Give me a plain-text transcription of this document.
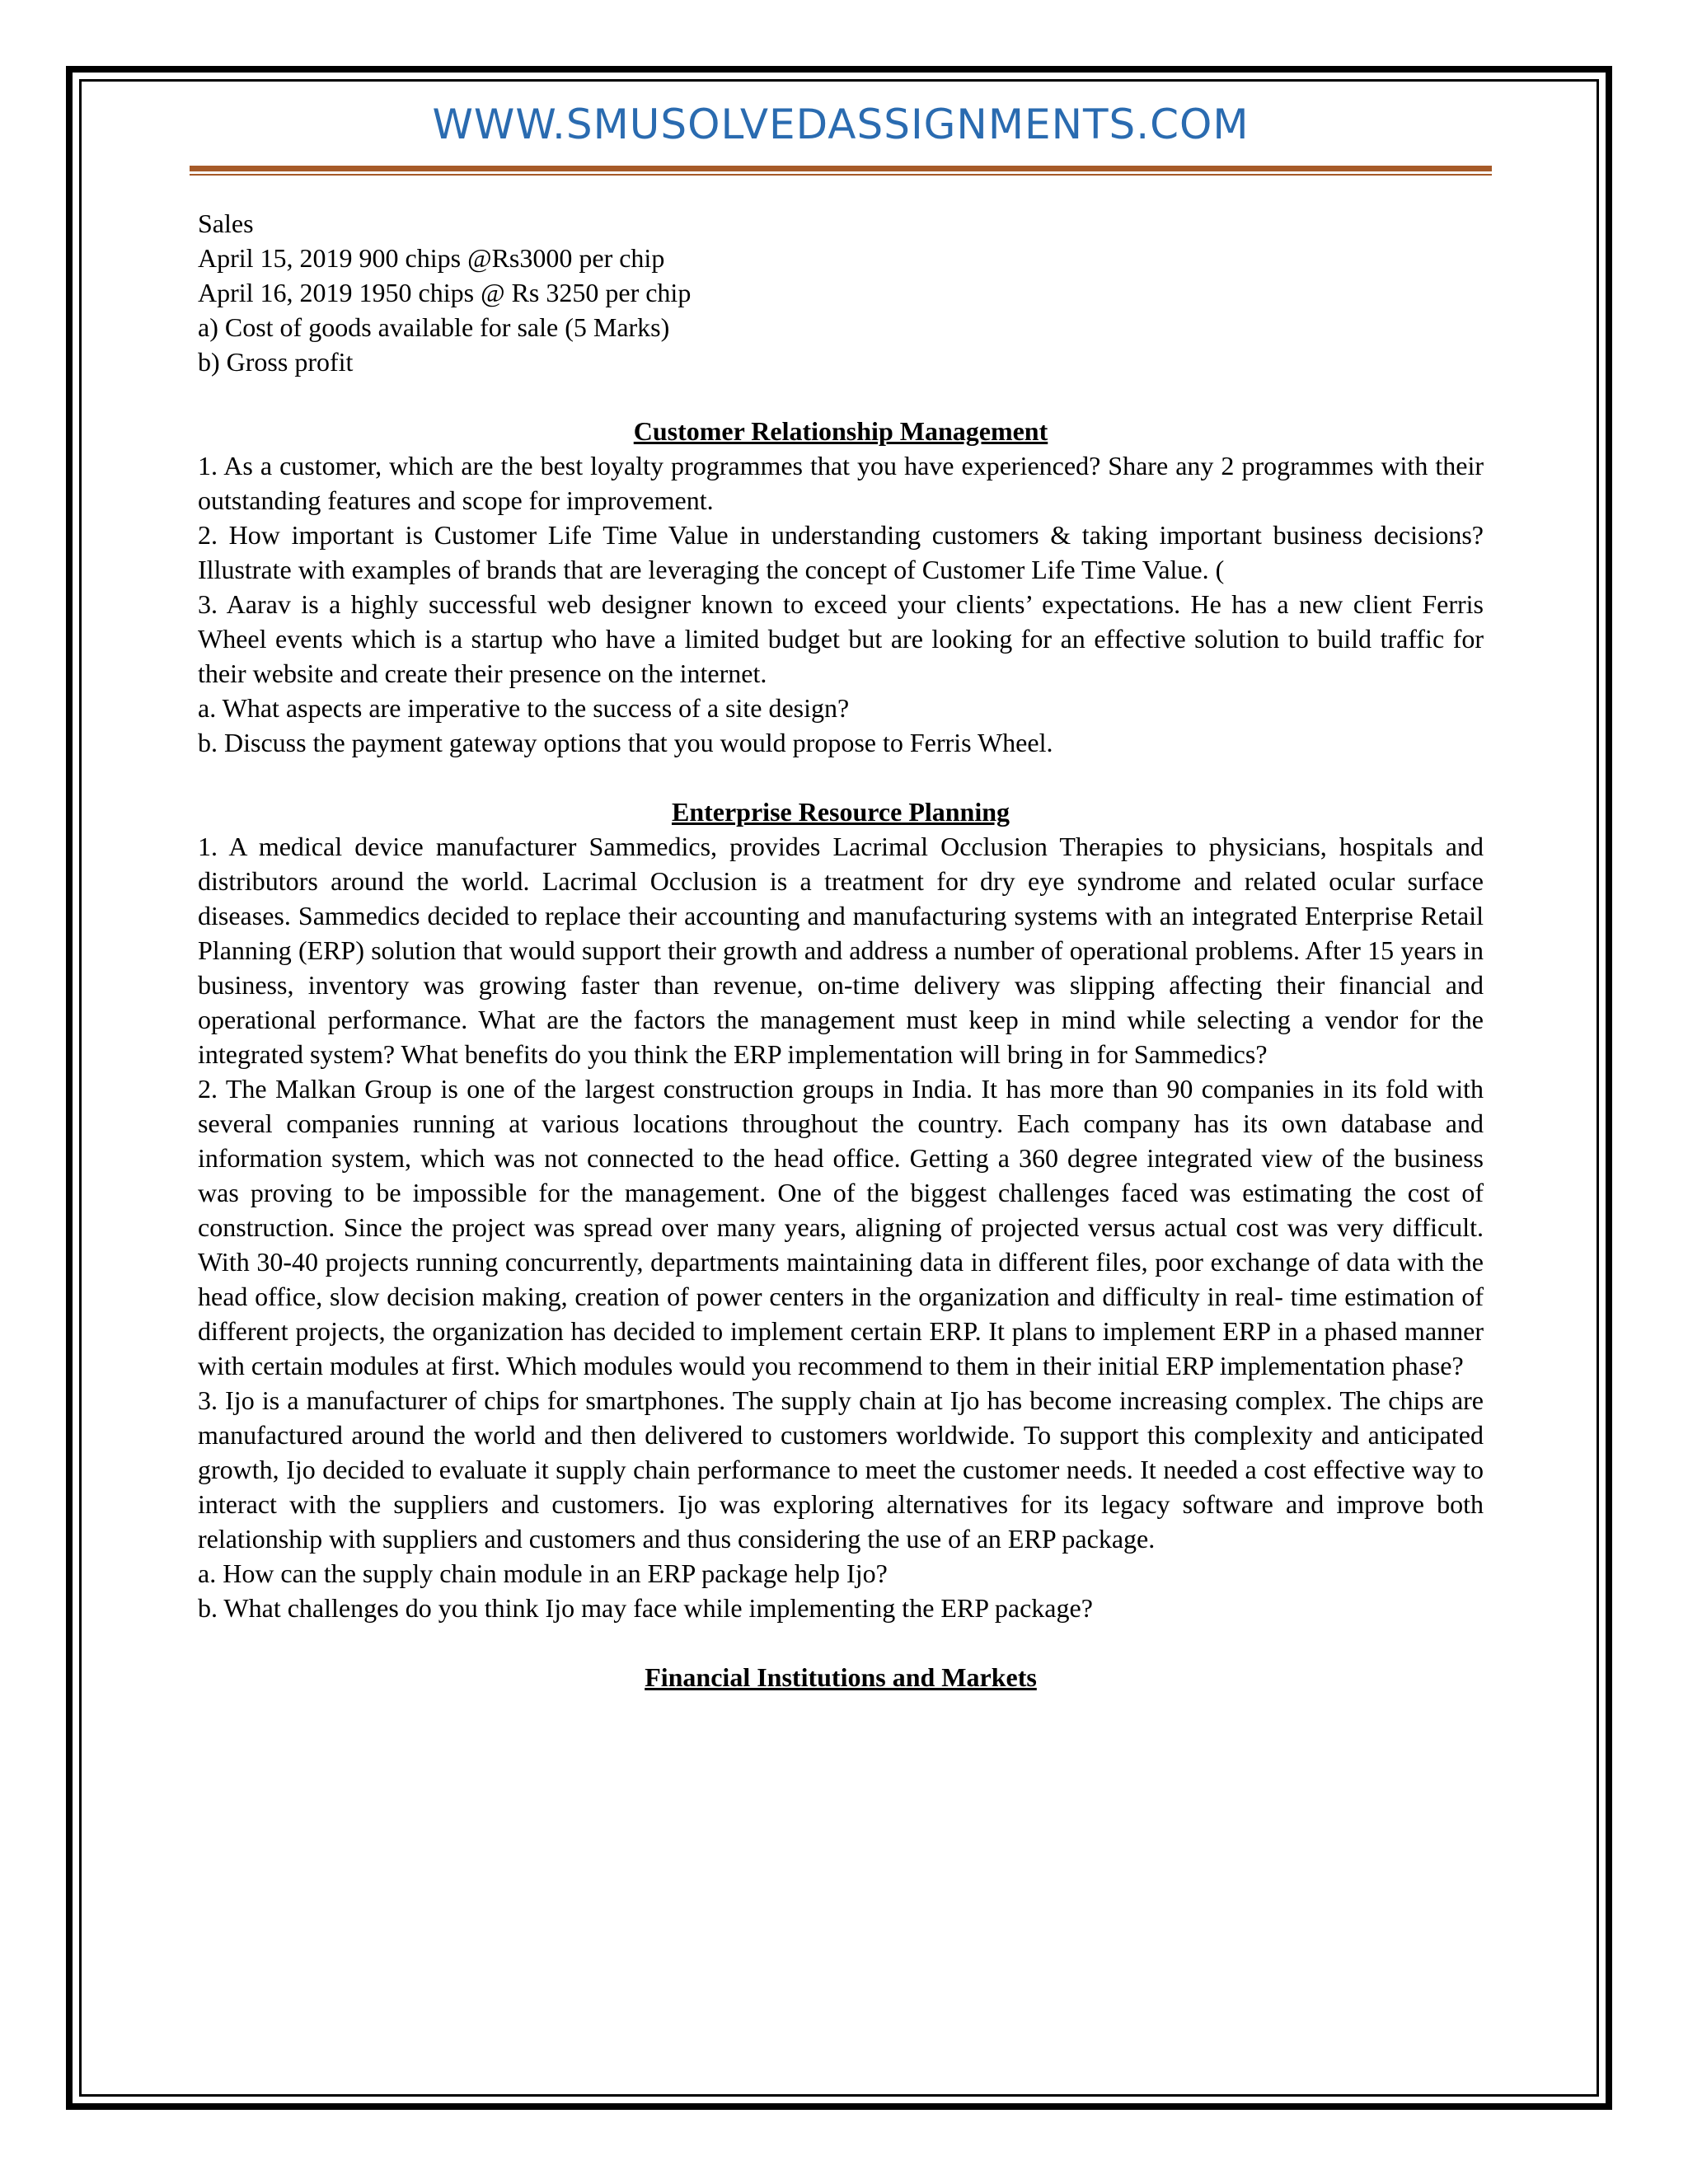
WWW.SMUSOLVEDASSIGNMENTS.COM

Sales

April 15, 2019 900 chips @Rs3000 per chip

April 16, 2019 1950 chips @ Rs 3250 per chip

a) Cost of goods available for sale (5 Marks)

b) Gross profit

Customer Relationship Management

1. As a customer, which are the best loyalty programmes that you have experienced? Share any 2 programmes with their outstanding features and scope for improvement.

2. How important is Customer Life Time Value in understanding customers & taking important business decisions? Illustrate with examples of brands that are leveraging the concept of Customer Life Time Value. (

3. Aarav is a highly successful web designer known to exceed your clients’ expectations. He has a new client Ferris Wheel events which is a startup who have a limited budget but are looking for an effective solution to build traffic for their website and create their presence on the internet.

a. What aspects are imperative to the success of a site design?

b. Discuss the payment gateway options that you would propose to Ferris Wheel.

Enterprise Resource Planning

1. A medical device manufacturer Sammedics, provides Lacrimal Occlusion Therapies to physicians, hospitals and distributors around the world. Lacrimal Occlusion is a treatment for dry eye syndrome and related ocular surface diseases. Sammedics decided to replace their accounting and manufacturing systems with an integrated Enterprise Retail Planning (ERP) solution that would support their growth and address a number of operational problems. After 15 years in business, inventory was growing faster than revenue, on-time delivery was slipping affecting their financial and operational performance. What are the factors the management must keep in mind while selecting a vendor for the integrated system? What benefits do you think the ERP implementation will bring in for Sammedics?

2. The Malkan Group is one of the largest construction groups in India. It has more than 90 companies in its fold with several companies running at various locations throughout the country. Each company has its own database and information system, which was not connected to the head office. Getting a 360 degree integrated view of the business was proving to be impossible for the management. One of the biggest challenges faced was estimating the cost of construction. Since the project was spread over many years, aligning of projected versus actual cost was very difficult. With 30-40 projects running concurrently, departments maintaining data in different files, poor exchange of data with the head office, slow decision making, creation of power centers in the organization and difficulty in real- time estimation of different projects, the organization has decided to implement certain ERP. It plans to implement ERP in a phased manner with certain modules at first. Which modules would you recommend to them in their initial ERP implementation phase?

3. Ijo is a manufacturer of chips for smartphones. The supply chain at Ijo has become increasing complex. The chips are manufactured around the world and then delivered to customers worldwide. To support this complexity and anticipated growth, Ijo decided to evaluate it supply chain performance to meet the customer needs. It needed a cost effective way to interact with the suppliers and customers. Ijo was exploring alternatives for its legacy software and improve both relationship with suppliers and customers and thus considering the use of an ERP package.

a. How can the supply chain module in an ERP package help Ijo?

b. What challenges do you think Ijo may face while implementing the ERP package?

Financial Institutions and Markets
